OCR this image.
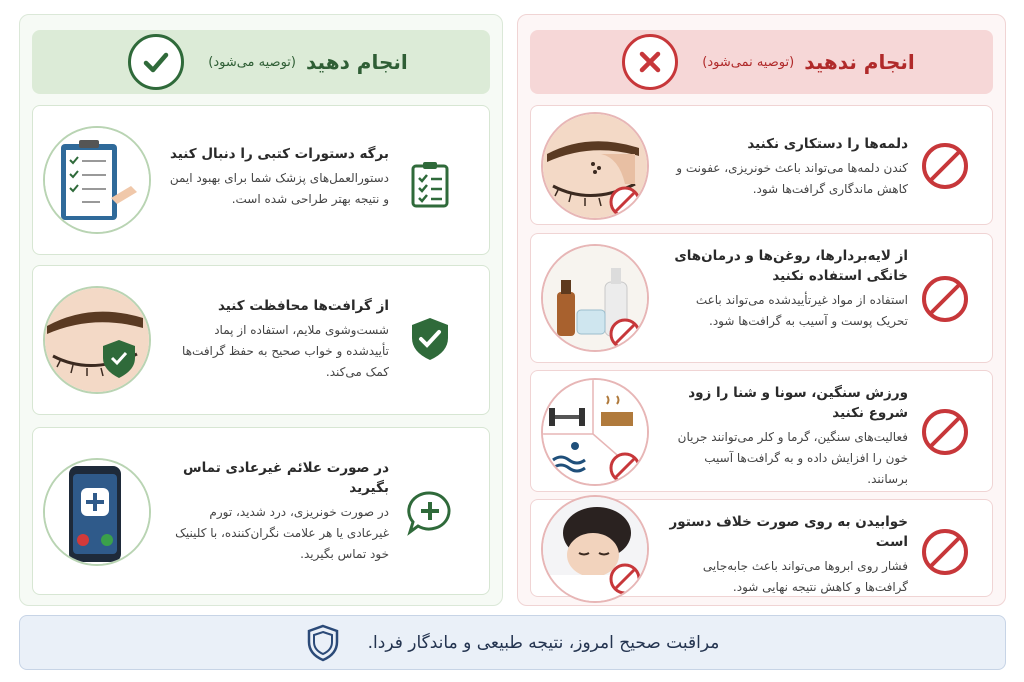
انجام ندهید
(توصیه نمی‌شود)
دلمه‌ها را دستکاری نکنید
کندن دلمه‌ها می‌تواند باعث خونریزی، عفونت و کاهش ماندگاری گرافت‌ها شود.
از لایه‌بردارها، روغن‌ها و درمان‌های خانگی استفاده نکنید
استفاده از مواد غیرتأییدشده می‌تواند باعث تحریک پوست و آسیب به گرافت‌ها شود.
ورزش سنگین، سونا و شنا را زود شروع نکنید
فعالیت‌های سنگین، گرما و کلر می‌توانند جریان خون را افزایش داده و به گرافت‌ها آسیب برسانند.
خوابیدن به روی صورت خلاف دستور است
فشار روی ابروها می‌تواند باعث جابه‌جایی گرافت‌ها و کاهش نتیجه نهایی شود.
انجام دهید
(توصیه می‌شود)
برگه دستورات کتبی را دنبال کنید
دستورالعمل‌های پزشک شما برای بهبود ایمن و نتیجه بهتر طراحی شده است.
از گرافت‌ها محافظت کنید
شست‌وشوی ملایم، استفاده از پماد تأییدشده و خواب صحیح به حفظ گرافت‌ها کمک می‌کند.
در صورت علائم غیرعادی تماس بگیرید
در صورت خونریزی، درد شدید، تورم غیرعادی یا هر علامت نگران‌کننده، با کلینیک خود تماس بگیرید.
مراقبت صحیح امروز، نتیجه طبیعی و ماندگار فردا.
